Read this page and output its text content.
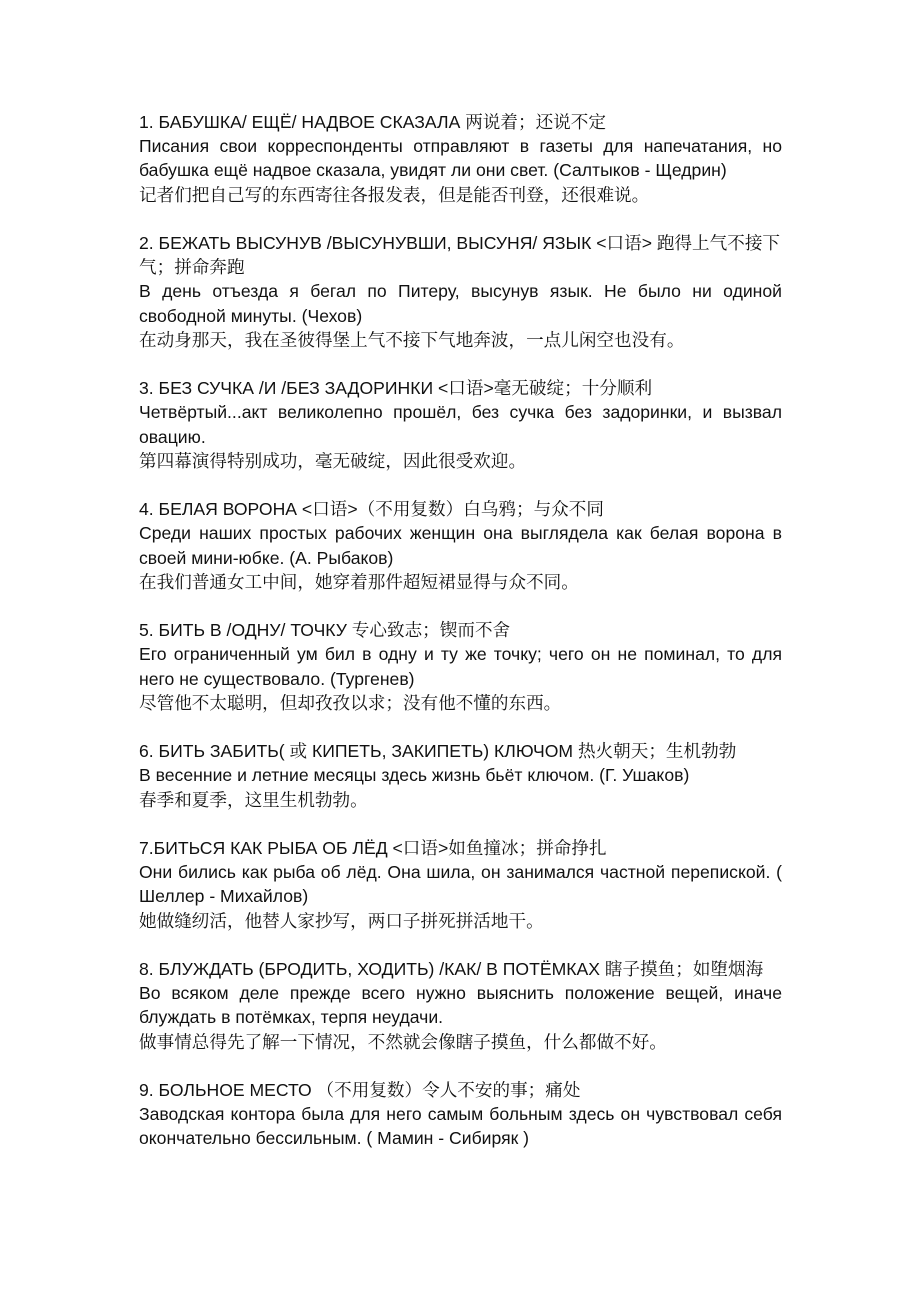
1. БАБУШКА/ ЕЩЁ/ НАДВОЕ СКАЗАЛА 两说着；还说不定

Писания свои корреспонденты отправляют в газеты для напечатания, но бабушка ещё надвое сказала, увидят ли они свет. (Салтыков - Щедрин)

记者们把自己写的东西寄往各报发表，但是能否刊登，还很难说。

2. БЕЖАТЬ ВЫСУНУВ /ВЫСУНУВШИ, ВЫСУНЯ/ ЯЗЫК <口语> 跑得上气不接下气；拼命奔跑

В день отъезда я бегал по Питеру, высунув язык. Не было ни одиной свободной минуты. (Чехов)

在动身那天，我在圣彼得堡上气不接下气地奔波，一点儿闲空也没有。

3. БЕЗ СУЧКА /И /БЕЗ ЗАДОРИНКИ <口语>毫无破绽；十分顺利

Четвёртый...акт великолепно прошёл, без сучка без задоринки, и вызвал овацию.

第四幕演得特别成功，毫无破绽，因此很受欢迎。

4. БЕЛАЯ ВОРОНА <口语>（不用复数）白乌鸦；与众不同

Среди наших простых рабочих женщин она выглядела как белая ворона в своей мини-юбке. (А. Рыбаков)

在我们普通女工中间，她穿着那件超短裙显得与众不同。

5. БИТЬ В /ОДНУ/ ТОЧКУ 专心致志；锲而不舍

Его ограниченный ум бил в одну и ту же точку; чего он не поминал, то для него не существовало. (Тургенев)

尽管他不太聪明，但却孜孜以求；没有他不懂的东西。

6. БИТЬ ЗАБИТЬ( 或 КИПЕТЬ, ЗАКИПЕТЬ) КЛЮЧОМ 热火朝天；生机勃勃

В весенние и летние месяцы здесь жизнь бьёт ключом. (Г. Ушаков)

春季和夏季，这里生机勃勃。

7.БИТЬСЯ КАК РЫБА ОБ ЛЁД <口语>如鱼撞冰；拼命挣扎

Они бились как рыба об лёд. Она шила, он занимался частной перепиской. ( Шеллер - Михайлов)

她做缝纫活，他替人家抄写，两口子拼死拼活地干。

8. БЛУЖДАТЬ (БРОДИТЬ, ХОДИТЬ) /КАК/ В ПОТЁМКАХ 瞎子摸鱼；如堕烟海

Во всяком деле прежде всего нужно выяснить положение вещей, иначе блуждать в потёмках, терпя неудачи.

做事情总得先了解一下情况，不然就会像瞎子摸鱼，什么都做不好。

9. БОЛЬНОЕ МЕСТО （不用复数）令人不安的事；痛处

Заводская контора была для него самым больным здесь он чувствовал себя окончательно бессильным. ( Мамин - Сибиряк )
